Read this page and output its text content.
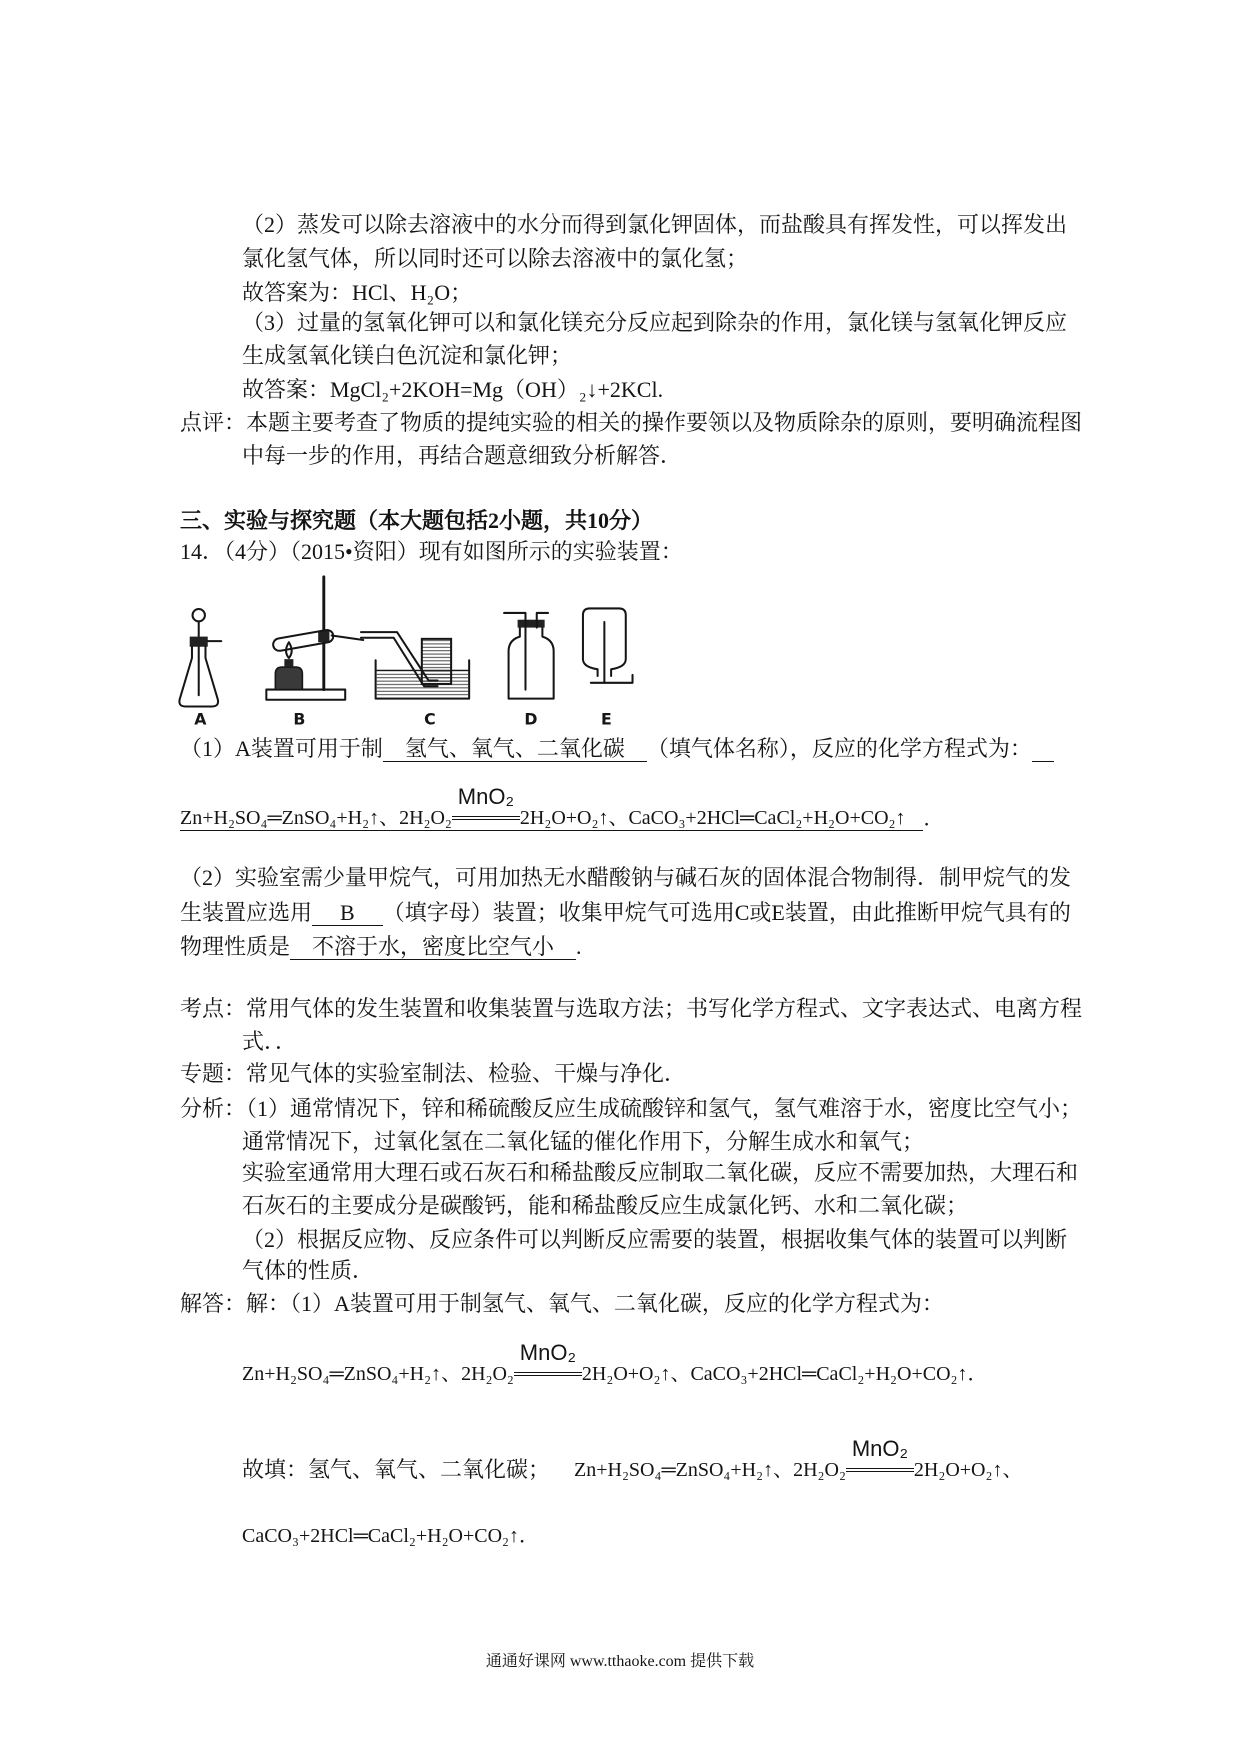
（2）蒸发可以除去溶液中的水分而得到氯化钾固体，而盐酸具有挥发性，可以挥发出
氯化氢气体，所以同时还可以除去溶液中的氯化氢；
故答案为：HCl、H₂O；
（3）过量的氢氧化钾可以和氯化镁充分反应起到除杂的作用，氯化镁与氢氧化钾反应
生成氢氧化镁白色沉淀和氯化钾；
故答案：MgCl₂+2KOH=Mg（OH）₂↓+2KCl.
点评：本题主要考查了物质的提纯实验的相关的操作要领以及物质除杂的原则，要明确流程图
中每一步的作用，再结合题意细致分析解答．
三、实验与探究题（本大题包括2小题，共10分）
14．（4分）（2015•资阳）现有如图所示的实验装置：
A	B	C	D	E
（1）A装置可用于制 氢气、氧气、二氧化碳 （填气体名称），反应的化学方程式为：
Zn+H₂SO₄═ZnSO₄+H₂↑、2H₂O₂
MnO₂
2H₂O+O₂↑、CaCO₃+2HCl═CaCl₂+H₂O+CO₂↑ ．
（2）实验室需少量甲烷气，可用加热无水醋酸钠与碱石灰的固体混合物制得．制甲烷气的发
生装置应选用 B （填字母）装置；收集甲烷气可选用C或E装置，由此推断甲烷气具有的
物理性质是 不溶于水，密度比空气小 .
考点：常用气体的发生装置和收集装置与选取方法；书写化学方程式、文字表达式、电离方程
式．．
专题：常见气体的实验室制法、检验、干燥与净化．
分析：（1）通常情况下，锌和稀硫酸反应生成硫酸锌和氢气，氢气难溶于水，密度比空气小；
通常情况下，过氧化氢在二氧化锰的催化作用下，分解生成水和氧气；
实验室通常用大理石或石灰石和稀盐酸反应制取二氧化碳，反应不需要加热，大理石和
石灰石的主要成分是碳酸钙，能和稀盐酸反应生成氯化钙、水和二氧化碳；
（2）根据反应物、反应条件可以判断反应需要的装置，根据收集气体的装置可以判断
气体的性质．
解答：解：（1）A装置可用于制氢气、氧气、二氧化碳，反应的化学方程式为：
Zn+H₂SO₄═ZnSO₄+H₂↑、2H₂O₂
MnO₂
2H₂O+O₂↑、CaCO₃+2HCl═CaCl₂+H₂O+CO₂↑．
故填：氢气、氧气、二氧化碳； Zn+H₂SO₄═ZnSO₄+H₂↑、2H₂O₂
MnO₂
2H₂O+O₂↑、
CaCO₃+2HCl═CaCl₂+H₂O+CO₂↑．
通通好课网 www.tthaoke.com 提供下载
